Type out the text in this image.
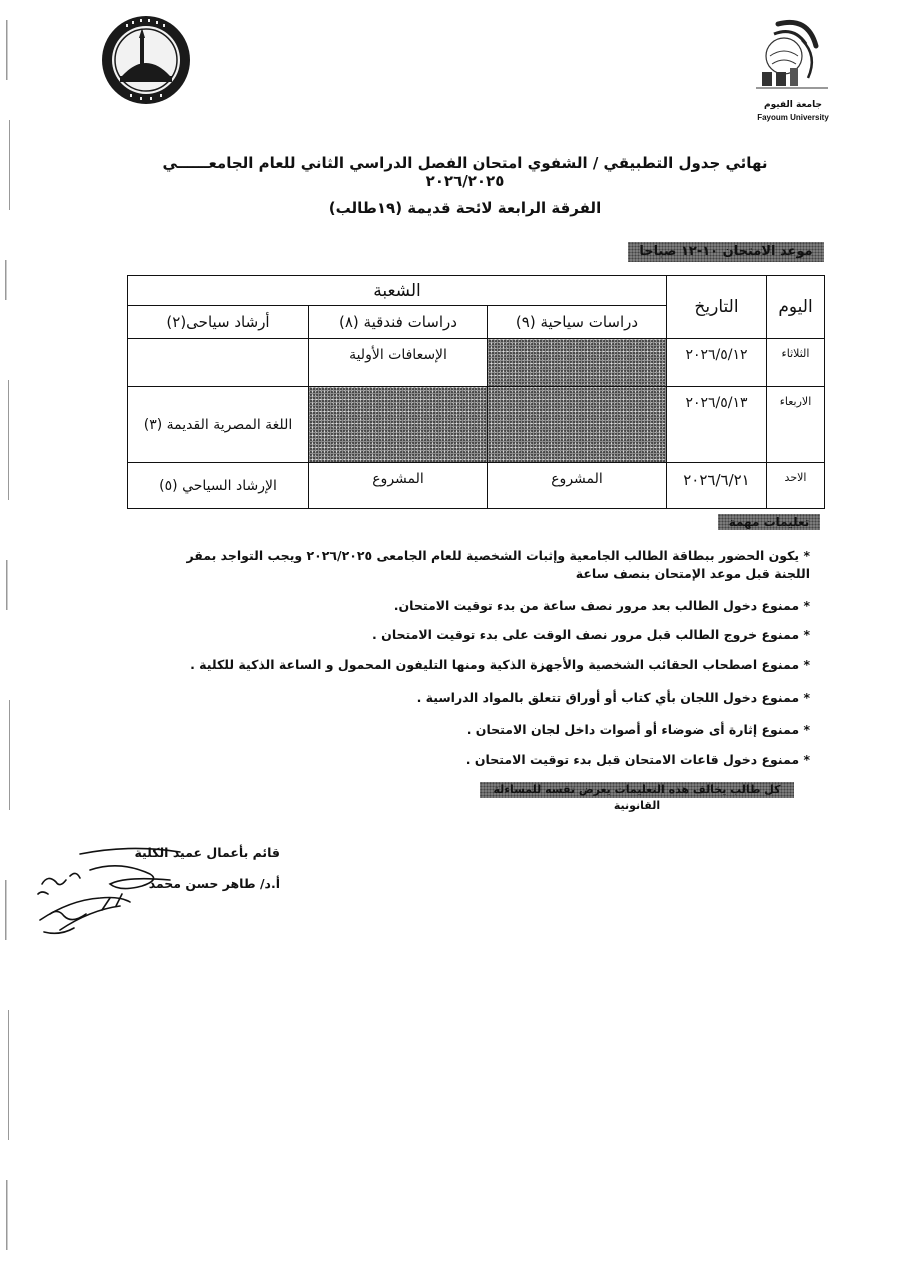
جامعة الفيوم
Fayoum University
نهائي جدول التطبيقي / الشفوي امتحان الفصل الدراسي الثاني للعام الجامعــــــي ٢٠٢٦/٢٠٢٥
الفرقة الرابعة لائحة قديمة (١٩طالب)
موعد الامتحان ١٠-١٢ صباحا
اليوم	التاريخ	الشعبة		
		دراسات سياحية (٩)	دراسات فندقية (٨)	أرشاد سياحى(٢)
الثلاثاء	٢٠٢٦/٥/١٢		الإسعافات الأولية	
الاربعاء	٢٠٢٦/٥/١٣			اللغة المصرية القديمة (٣)
الاحد	٢٠٢٦/٦/٢١	المشروع	المشروع	الإرشاد السياحي (٥)
تعليمات مهمة
* يكون الحضور ببطاقة الطالب الجامعية وإثبات الشخصية للعام الجامعى ٢٠٢٦/٢٠٢٥ ويجب التواجد بمقر اللجنة قبل موعد الإمتحان بنصف ساعة
* ممنوع دخول الطالب بعد مرور نصف ساعة من بدء توقيت الامتحان.
* ممنوع خروج الطالب قبل مرور نصف الوقت على بدء توقيت الامتحان .
* ممنوع اصطحاب الحقائب الشخصية والأجهزة الذكية ومنها التليفون المحمول و الساعة الذكية للكلية .
* ممنوع دخول اللجان بأي كتاب أو أوراق تتعلق بالمواد الدراسية .
* ممنوع إثارة أى ضوضاء أو أصوات داخل لجان الامتحان .
* ممنوع دخول قاعات الامتحان قبل بدء توقيت الامتحان .
كل طالب يخالف هذه التعليمات يعرض نفسه للمساءلة القانونية
قائم بأعمال عميد الكلية
أ.د/ طاهر حسن محمد
